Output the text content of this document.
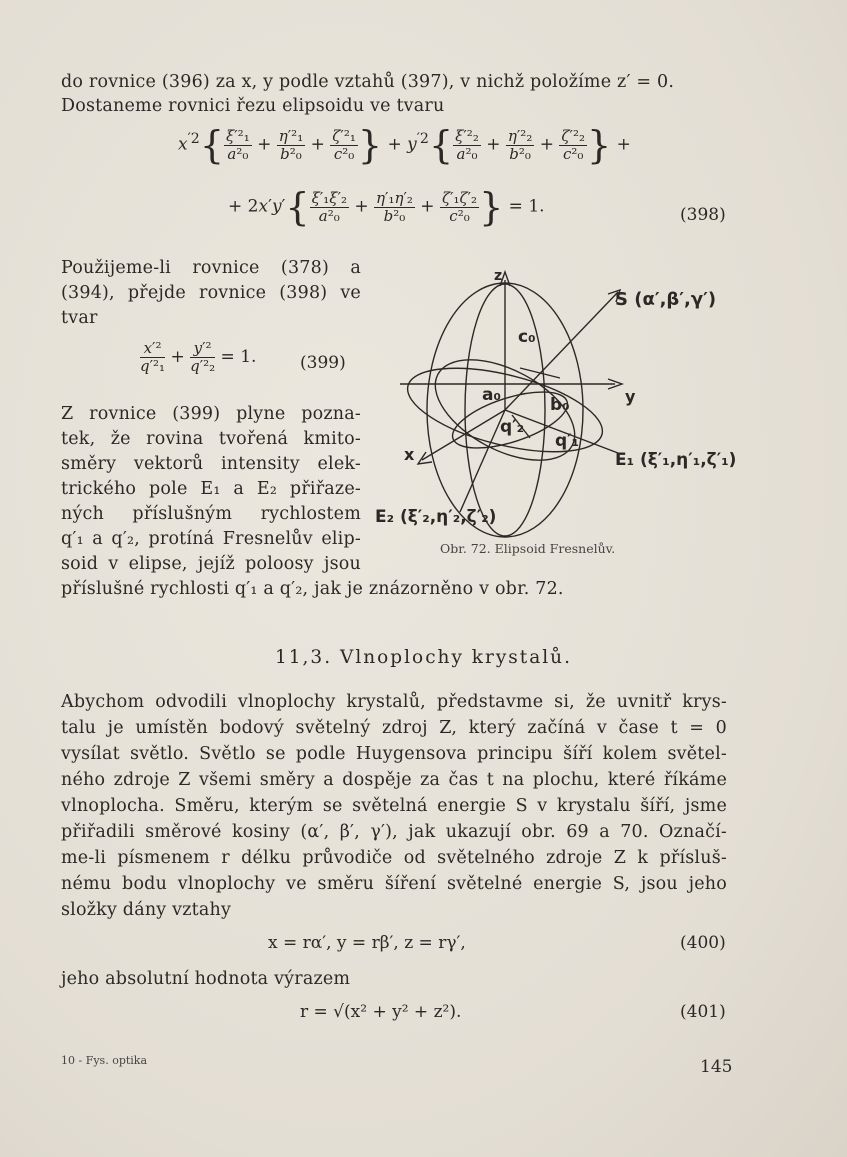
do rovnice (396) za x, y podle vztahů (397), v nichž položíme z′ = 0.
Dostaneme rovnici řezu elipsoidu ve tvaru
$x^{'2}\{ \frac{\text{ξ′²₁}}{\text{a²₀}} + \frac{\text{η′²₁}}{\text{b²₀}} + \frac{\text{ζ′²₁}}{\text{c²₀}}$ } + $y^{'2}\{ \frac{\text{ξ′²₂}}{\text{a²₀}} + \frac{\text{η′²₂}}{\text{b²₀}} + \frac{\text{ζ′²₂}}{\text{c²₀}}$ } +
+ $2x'y'\{ \frac{\text{ξ′₁ξ′₂}}{\text{a²₀}} + \frac{\text{η′₁η′₂}}{\text{b²₀}} + \frac{\text{ζ′₁ζ′₂}}{\text{c²₀}}$ } = 1.	(398)
Použijeme-li rovnice (378) a
(394), přejde rovnice (398) ve
tvar
$\frac{\text{x′²}}{\text{q′²₁}} + \frac{\text{y′²}}{\text{q′²₂}} = 1$.	(399)
Z rovnice (399) plyne pozna-
tek, že rovina tvořená kmito-
směry vektorů intensity elek-
trického pole E₁ a E₂ přiřaze-
ných příslušným rychlostem
q′₁ a q′₂, protíná Fresnelův elip-
soid v elipse, jejíž poloosy jsou
příslušné rychlosti q′₁ a q′₂, jak je znázorněno v obr. 72.
z
y
x
c₀
a₀	b₀
q′₂
q′₁
S (α′,β′,γ′)
E₁ (ξ′₁,η′₁,ζ′₁)
E₂ (ξ′₂,η′₂,ζ′₂)
Obr. 72. Elipsoid Fresnelův.
11,3. Vlnoplochy krystalů.
Abychom odvodili vlnoplochy krystalů, představme si, že uvnitř krys-
talu je umístěn bodový světelný zdroj Z, který začíná v čase t = 0
vysílat světlo. Světlo se podle Huygensova principu šíří kolem světel-
ného zdroje Z všemi směry a dospěje za čas t na plochu, které říkáme
vlnoplocha. Směru, kterým se světelná energie S v krystalu šíří, jsme
přiřadili směrové kosiny (α′, β′, γ′), jak ukazují obr. 69 a 70. Označí-
me-li písmenem r délku průvodiče od světelného zdroje Z k přísluš-
nému bodu vlnoplochy ve směru šíření světelné energie S, jsou jeho
složky dány vztahy
x = rα′, y = rβ′, z = rγ′,	(400)
jeho absolutní hodnota výrazem
r = √(x² + y² + z²).	(401)
10 - Fys. optika	145
